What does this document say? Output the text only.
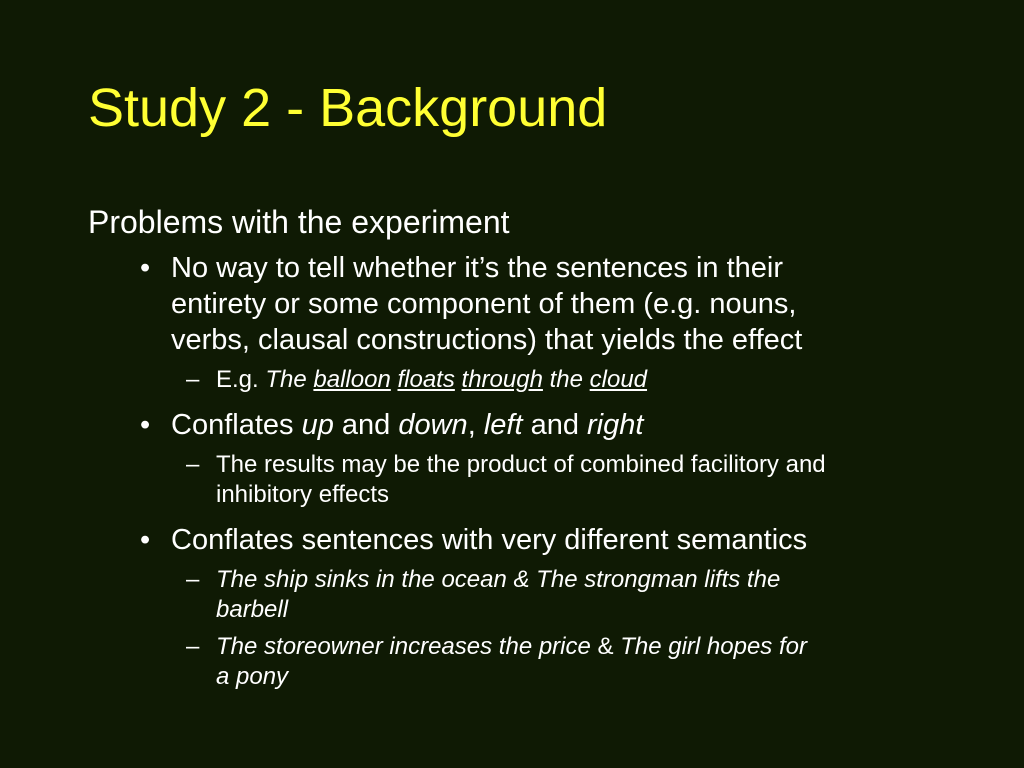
Study 2 - Background

Problems with the experiment

• No way to tell whether it’s the sentences in their
entirety or some component of them (e.g. nouns,
verbs, clausal constructions) that yields the effect
– E.g. The balloon floats through the cloud
• Conflates up and down, left and right
– The results may be the product of combined facilitory and
inhibitory effects
• Conflates sentences with very different semantics
– The ship sinks in the ocean & The strongman lifts the
barbell
– The storeowner increases the price & The girl hopes for
a pony
